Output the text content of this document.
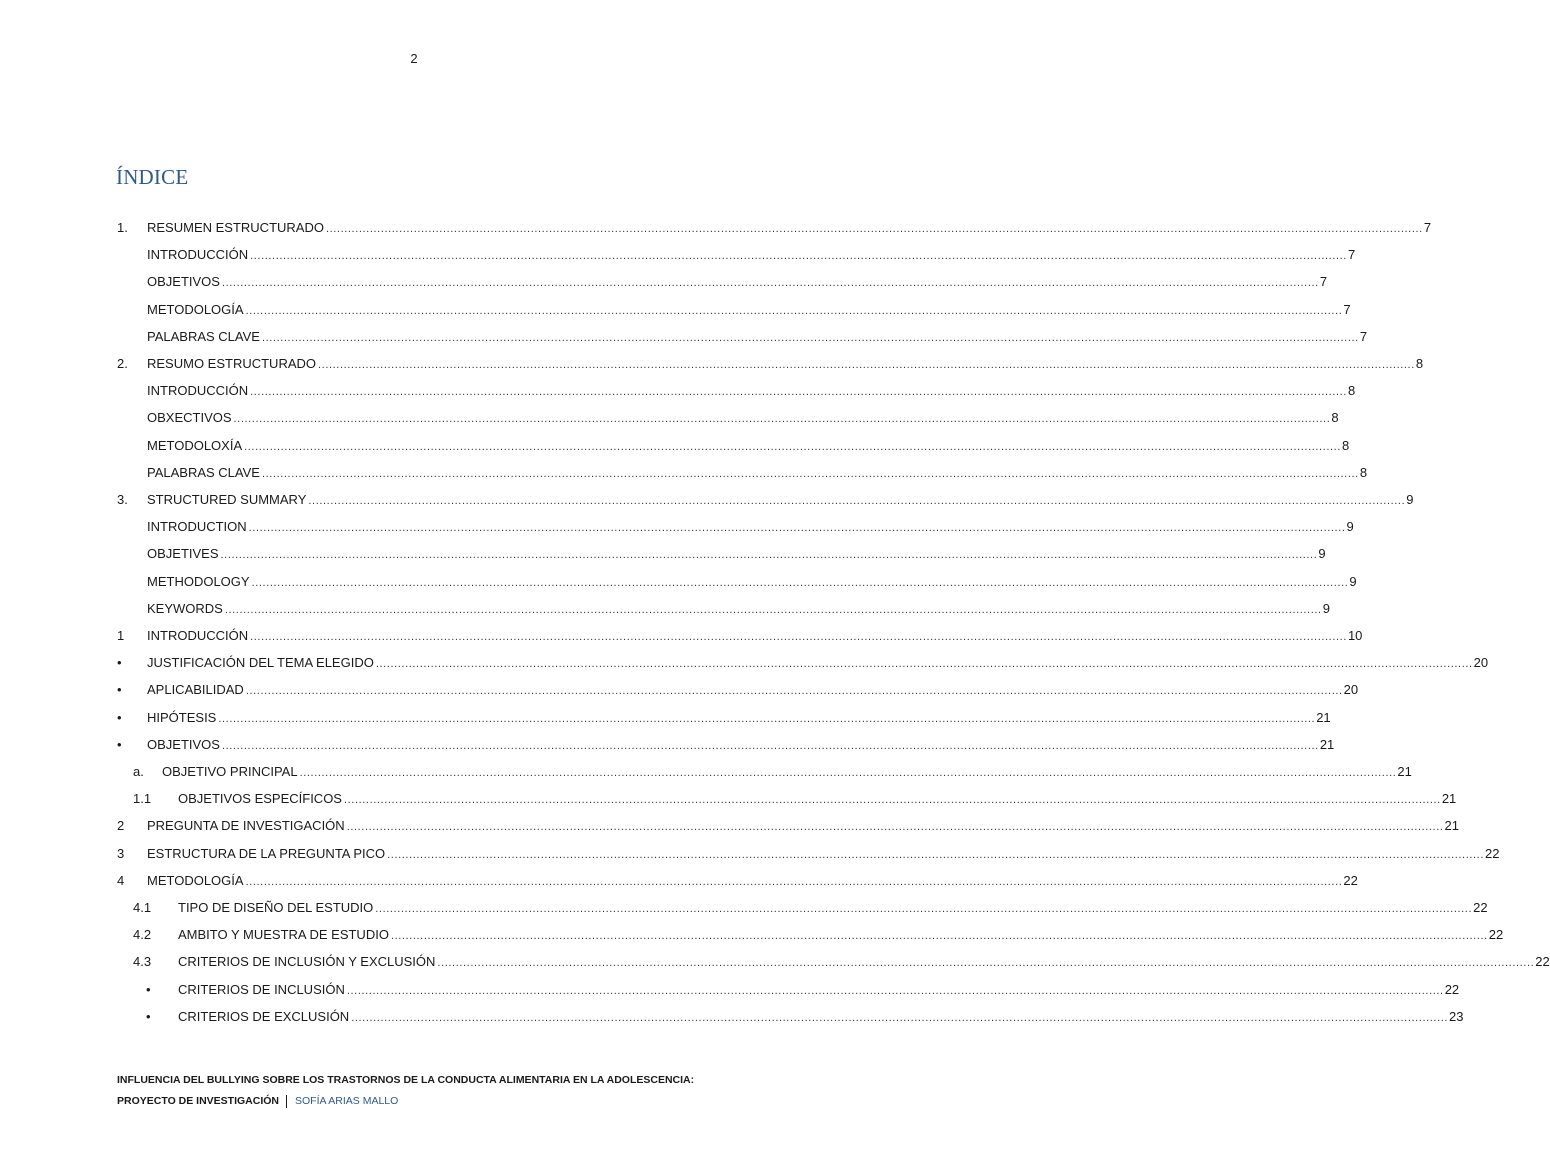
2
ÍNDICE
1. RESUMEN ESTRUCTURADO ............................................................................................................................................................................................................................................................................................................ 7
INTRODUCCIÓN ............................................................................................................................................................................................................................................................................................................ 7
OBJETIVOS ............................................................................................................................................................................................................................................................................................................ 7
METODOLOGÍA ............................................................................................................................................................................................................................................................................................................ 7
PALABRAS CLAVE ............................................................................................................................................................................................................................................................................................................ 7
2. RESUMO ESTRUCTURADO ............................................................................................................................................................................................................................................................................................................ 8
INTRODUCCIÓN ............................................................................................................................................................................................................................................................................................................ 8
OBXECTIVOS ............................................................................................................................................................................................................................................................................................................ 8
METODOLOXÍA ............................................................................................................................................................................................................................................................................................................ 8
PALABRAS CLAVE ............................................................................................................................................................................................................................................................................................................ 8
3. STRUCTURED SUMMARY ............................................................................................................................................................................................................................................................................................................ 9
INTRODUCTION ............................................................................................................................................................................................................................................................................................................ 9
OBJETIVES ............................................................................................................................................................................................................................................................................................................ 9
METHODOLOGY ............................................................................................................................................................................................................................................................................................................ 9
KEYWORDS ............................................................................................................................................................................................................................................................................................................ 9
1 INTRODUCCIÓN ............................................................................................................................................................................................................................................................................................................ 10
• JUSTIFICACIÓN DEL TEMA ELEGIDO ............................................................................................................................................................................................................................................................................................................ 20
• APLICABILIDAD ............................................................................................................................................................................................................................................................................................................ 20
• HIPÓTESIS ............................................................................................................................................................................................................................................................................................................ 21
• OBJETIVOS ............................................................................................................................................................................................................................................................................................................ 21
a. OBJETIVO PRINCIPAL ............................................................................................................................................................................................................................................................................................................ 21
1.1 OBJETIVOS ESPECÍFICOS ............................................................................................................................................................................................................................................................................................................ 21
2 PREGUNTA DE INVESTIGACIÓN ............................................................................................................................................................................................................................................................................................................ 21
3 ESTRUCTURA DE LA PREGUNTA PICO ............................................................................................................................................................................................................................................................................................................ 22
4 METODOLOGÍA ............................................................................................................................................................................................................................................................................................................ 22
4.1 TIPO DE DISEÑO DEL ESTUDIO ............................................................................................................................................................................................................................................................................................................ 22
4.2 AMBITO Y MUESTRA DE ESTUDIO ............................................................................................................................................................................................................................................................................................................ 22
4.3 CRITERIOS DE INCLUSIÓN Y EXCLUSIÓN ............................................................................................................................................................................................................................................................................................................ 22
• CRITERIOS DE INCLUSIÓN ............................................................................................................................................................................................................................................................................................................ 22
• CRITERIOS DE EXCLUSIÓN ............................................................................................................................................................................................................................................................................................................ 23
INFLUENCIA DEL BULLYING SOBRE LOS TRASTORNOS DE LA CONDUCTA ALIMENTARIA EN LA ADOLESCENCIA:
PROYECTO DE INVESTIGACIÓN SOFÍA ARIAS MALLO
